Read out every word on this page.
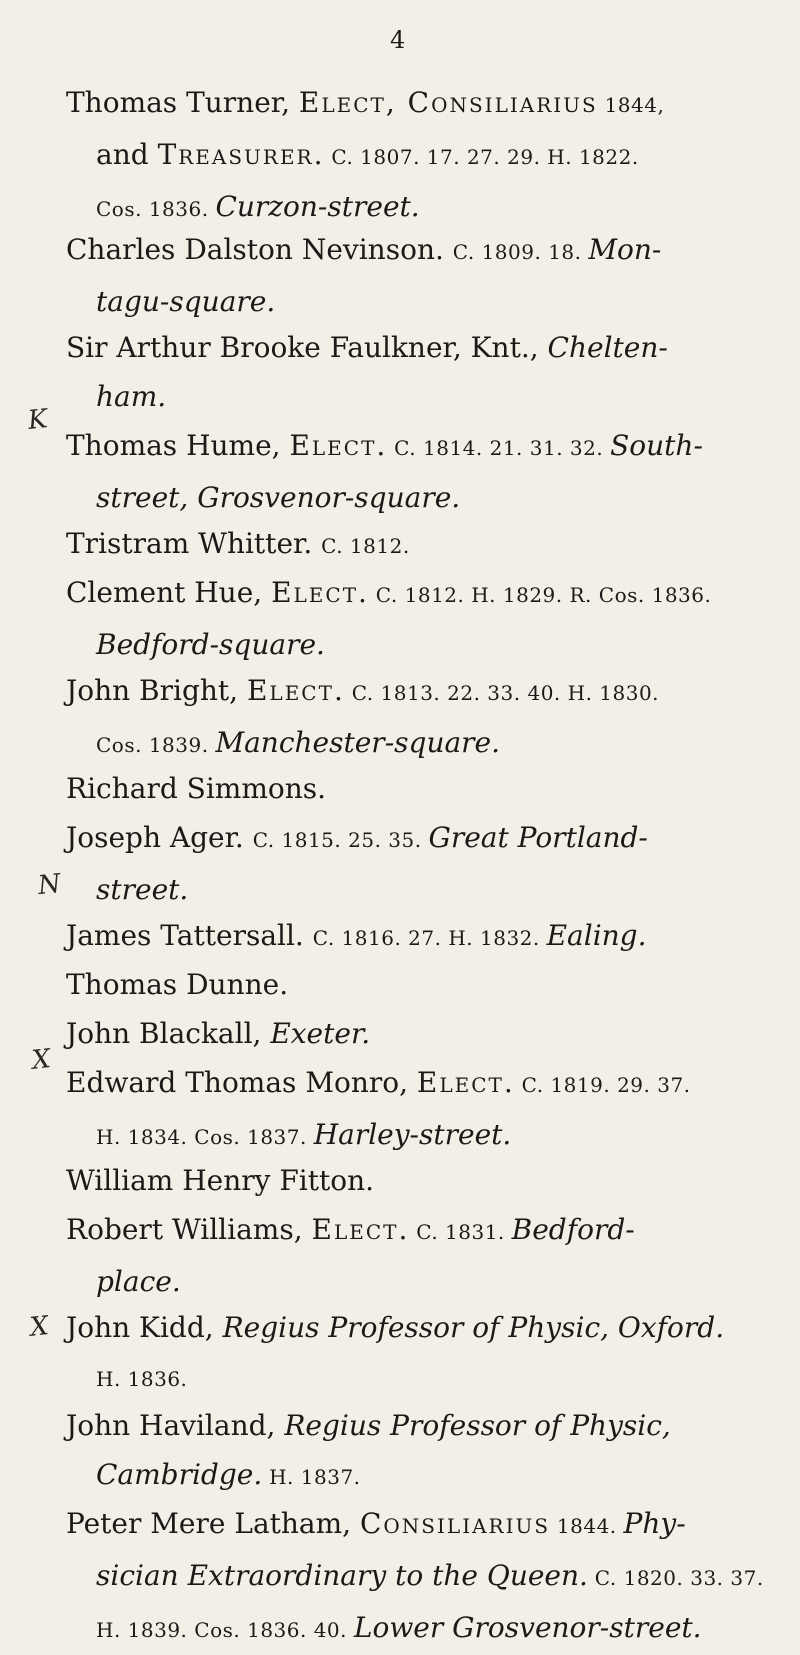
4
K
N
X
X
Thomas Turner, Elect, Consiliarius 1844,
and Treasurer. C. 1807. 17. 27. 29. H. 1822.
Cos. 1836. Curzon-street.
Charles Dalston Nevinson. C. 1809. 18. Mon-
tagu-square.
Sir Arthur Brooke Faulkner, Knt., Chelten-
ham.
Thomas Hume, Elect. C. 1814. 21. 31. 32. South-
street, Grosvenor-square.
Tristram Whitter. C. 1812.
Clement Hue, Elect. C. 1812. H. 1829. R. Cos. 1836.
Bedford-square.
John Bright, Elect. C. 1813. 22. 33. 40. H. 1830.
Cos. 1839. Manchester-square.
Richard Simmons.
Joseph Ager. C. 1815. 25. 35. Great Portland-
street.
James Tattersall. C. 1816. 27. H. 1832. Ealing.
Thomas Dunne.
John Blackall, Exeter.
Edward Thomas Monro, Elect. C. 1819. 29. 37.
H. 1834. Cos. 1837. Harley-street.
William Henry Fitton.
Robert Williams, Elect. C. 1831. Bedford-
place.
John Kidd, Regius Professor of Physic, Oxford.
H. 1836.
John Haviland, Regius Professor of Physic,
Cambridge. H. 1837.
Peter Mere Latham, Consiliarius 1844. Phy-
sician Extraordinary to the Queen. C. 1820. 33. 37.
H. 1839. Cos. 1836. 40. Lower Grosvenor-street.
